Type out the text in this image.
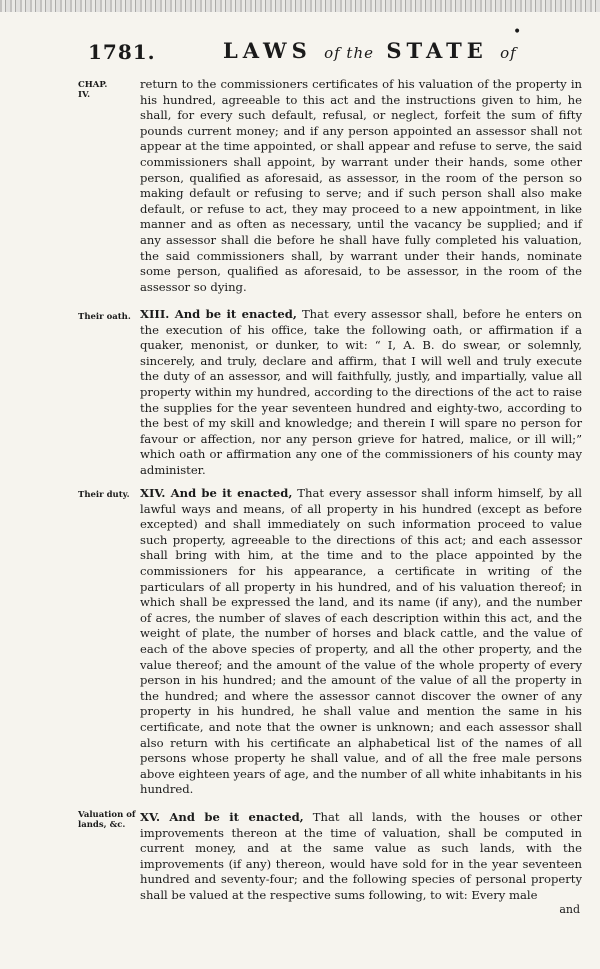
1781.	LAWS of the STATE of
•
CHAP.
IV.
return to the commissioners certificates of his valuation of the property in his hundred, agreeable to this act and the instructions given to him, he shall, for every such default, refusal, or neglect, forfeit the sum of fifty pounds current money; and if any person appointed an assessor shall not appear at the time appointed, or shall appear and refuse to serve, the said commissioners shall appoint, by warrant under their hands, some other person, qualified as aforesaid, as assessor, in the room of the person so making default or refusing to serve; and if such person shall also make default, or refuse to act, they may proceed to a new appointment, in like manner and as often as necessary, until the vacancy be supplied; and if any assessor shall die before he shall have fully completed his valuation, the said commissioners shall, by warrant under their hands, nominate some person, qualified as aforesaid, to be assessor, in the room of the assessor so dying.
Their oath. XIII. And be it enacted, That every assessor shall, before he enters on the execution of his office, take the following oath, or affirmation if a quaker, menonist, or dunker, to wit: “ I, A. B. do swear, or solemnly, sincerely, and truly, declare and affirm, that I will well and truly execute the duty of an assessor, and will faithfully, justly, and impartially, value all property within my hundred, according to the directions of the act to raise the supplies for the year seventeen hundred and eighty-two, according to the best of my skill and knowledge; and therein I will spare no person for favour or affection, nor any person grieve for hatred, malice, or ill will;” which oath or affirmation any one of the commissioners of his county may administer.
Their duty. XIV. And be it enacted, That every assessor shall inform himself, by all lawful ways and means, of all property in his hundred (except as before excepted) and shall immediately on such information proceed to value such property, agreeable to the directions of this act; and each assessor shall bring with him, at the time and to the place appointed by the commissioners for his appearance, a certificate in writing of the particulars of all property in his hundred, and of his valuation thereof; in which shall be expressed the land, and its name (if any), and the number of acres, the number of slaves of each description within this act, and the weight of plate, the number of horses and black cattle, and the value of each of the above species of property, and all the other property, and the value thereof; and the amount of the value of the whole property of every person in his hundred; and the amount of the value of all the property in the hundred; and where the assessor cannot discover the owner of any property in his hundred, he shall value and mention the same in his certificate, and note that the owner is unknown; and each assessor shall also return with his certificate an alphabetical list of the names of all persons whose property he shall value, and of all the free male persons above eighteen years of age, and the number of all white inhabitants in his hundred.
Valuation of
lands, &c.
XV. And be it enacted, That all lands, with the houses or other improvements thereon at the time of valuation, shall be computed in current money, and at the same value as such lands, with the improvements (if any) thereon, would have sold for in the year seventeen hundred and seventy-four; and the following species of personal property shall be valued at the respective sums following, to wit: Every male
and
